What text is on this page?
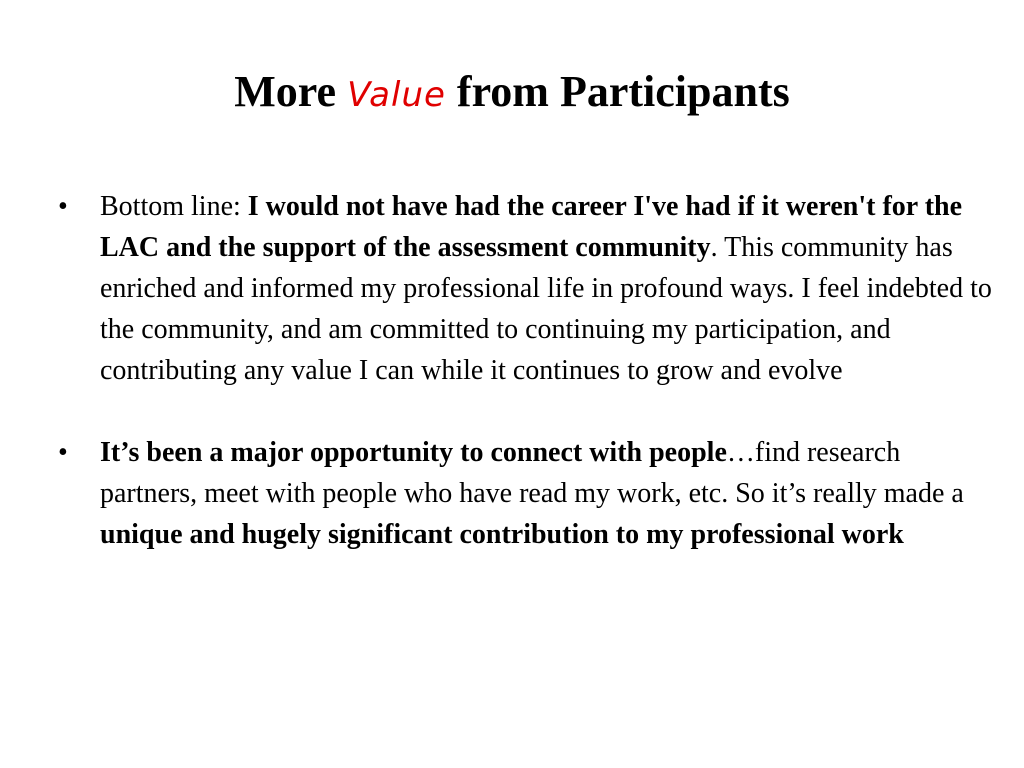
More Value from Participants
•	Bottom line: I would not have had the career I've had if it weren't for the LAC and the support of the assessment community. This community has enriched and informed my professional life in profound ways. I feel indebted to the community, and am committed to continuing my participation, and contributing any value I can while it continues to grow and evolve
•	It’s been a major opportunity to connect with people…find research partners, meet with people who have read my work, etc. So it’s really made a unique and hugely significant contribution to my professional work
